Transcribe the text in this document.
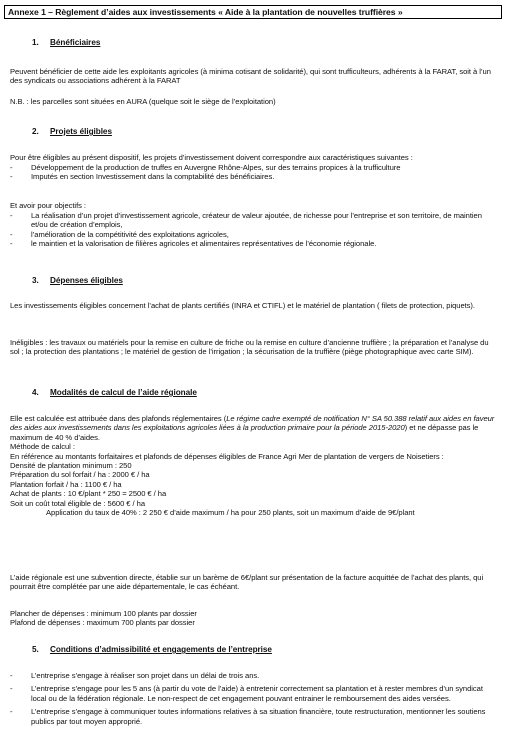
Annexe 1 – Règlement d’aides aux investissements « Aide à la plantation de nouvelles truffières »
1. Bénéficiaires

Peuvent bénéficier de cette aide les exploitants agricoles (à minima cotisant de solidarité), qui sont trufficulteurs, adhérents à la FARAT, soit à l’un des syndicats ou associations adhérent à la FARAT

N.B. : les parcelles sont situées en AURA (quelque soit le siège de l’exploitation)

2. Projets éligibles

Pour être éligibles au présent dispositif, les projets d’investissement doivent correspondre aux caractéristiques suivantes :

- Développement de la production de truffes en Auvergne Rhône-Alpes, sur des terrains propices à la trufficulture
- Imputés en section Investissement dans la comptabilité des bénéficiaires.

Et avoir pour objectifs :

- La réalisation d’un projet d’investissement agricole, créateur de valeur ajoutée, de richesse pour l’entreprise et son territoire, de maintien et/ou de création d’emplois,
- l’amélioration de la compétitivité des exploitations agricoles,
- le maintien et la valorisation de filières agricoles et alimentaires représentatives de l’économie régionale.
3. Dépenses éligibles

Les investissements éligibles concernent l’achat de plants certifiés (INRA et CTIFL) et le matériel de plantation ( filets de protection, piquets).

Inéligibles : les travaux ou matériels pour la remise en culture de friche ou la remise en culture d’ancienne truffière ; la préparation et l’analyse du sol ; la protection des plantations ; le matériel de gestion de l’irrigation ; la sécurisation de la truffière (piège photographique avec carte SIM).

4. Modalités de calcul de l’aide régionale

Elle est calculée est attribuée dans des plafonds réglementaires (Le régime cadre exempté de notification N° SA 50.388 relatif aux aides en faveur des aides aux investissements dans les exploitations agricoles liées à la production primaire pour la période 2015-2020) et ne dépasse pas le maximum de 40 % d’aides.

Méthode de calcul :

En référence au montants forfaitaires et plafonds de dépenses éligibles de France Agri Mer de plantation de vergers de Noisetiers :

Densité de plantation minimum : 250

Préparation du sol forfait / ha : 2000 € / ha

Plantation forfait / ha : 1100 € / ha

Achat de plants : 10 €/plant * 250 = 2500 € / ha

Soit un coût total éligible de : 5600 € / ha

Application du taux de 40% : 2 250 € d’aide maximum / ha pour 250 plants, soit un maximum d’aide de 9€/plant

L’aide régionale est une subvention directe, établie sur un barème de 6€/plant sur présentation de la facture acquittée de l’achat des plants, qui pourrait être complétée par une aide départementale, le cas échéant.

Plancher de dépenses : minimum 100 plants par dossier

Plafond de dépenses : maximum 700 plants par dossier

5. Conditions d’admissibilité et engagements de l’entreprise
- L’entreprise s’engage à réaliser son projet dans un délai de trois ans.
- L’entreprise s’engage pour les 5 ans (à partir du vote de l’aide) à entretenir correctement sa plantation et à rester membres d’un syndicat local ou de la fédération régionale. Le non-respect de cet engagement pouvant entrainer le remboursement des aides versées.
- L’entreprise s’engage à communiquer toutes informations relatives à sa situation financière, toute restructuration, mentionner les soutiens publics par tout moyen approprié.
